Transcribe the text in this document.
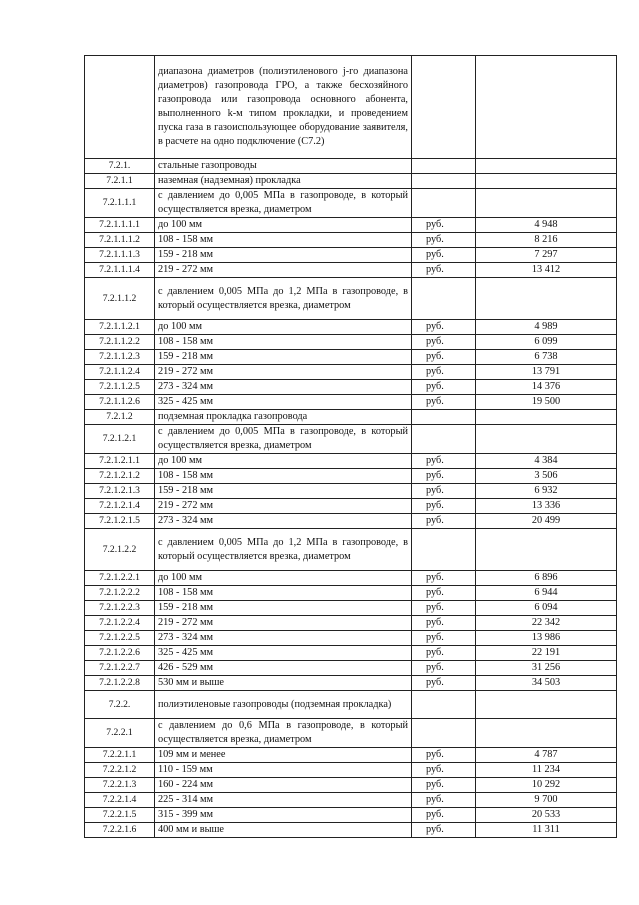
	диапазона диаметров (полиэтиленового j-го диапазона диаметров) газопровода ГРО, а также бесхозяйного газопровода или газопровода основного абонента, выполненного k-м типом прокладки, и проведением пуска газа в газоиспользующее оборудование заявителя, в расчете на одно подключение (С7.2)		
7.2.1.	стальные газопроводы		
7.2.1.1	наземная (надземная) прокладка		
7.2.1.1.1	с давлением до 0,005 МПа в газопроводе, в который осуществляется врезка, диаметром		
7.2.1.1.1.1	до 100 мм	руб.	4 948
7.2.1.1.1.2	108 - 158 мм	руб.	8 216
7.2.1.1.1.3	159 - 218 мм	руб.	7 297
7.2.1.1.1.4	219 - 272 мм	руб.	13 412
7.2.1.1.2	с давлением 0,005 МПа до 1,2 МПа в газопроводе, в который осуществляется врезка, диаметром		
7.2.1.1.2.1	до 100 мм	руб.	4 989
7.2.1.1.2.2	108 - 158 мм	руб.	6 099
7.2.1.1.2.3	159 - 218 мм	руб.	6 738
7.2.1.1.2.4	219 - 272 мм	руб.	13 791
7.2.1.1.2.5	273 - 324 мм	руб.	14 376
7.2.1.1.2.6	325 - 425 мм	руб.	19 500
7.2.1.2	подземная прокладка газопровода		
7.2.1.2.1	с давлением до 0,005 МПа в газопроводе, в который осуществляется врезка, диаметром		
7.2.1.2.1.1	до 100 мм	руб.	4 384
7.2.1.2.1.2	108 - 158 мм	руб.	3 506
7.2.1.2.1.3	159 - 218 мм	руб.	6 932
7.2.1.2.1.4	219 - 272 мм	руб.	13 336
7.2.1.2.1.5	273 - 324 мм	руб.	20 499
7.2.1.2.2	с давлением 0,005 МПа до 1,2 МПа в газопроводе, в который осуществляется врезка, диаметром		
7.2.1.2.2.1	до 100 мм	руб.	6 896
7.2.1.2.2.2	108 - 158 мм	руб.	6 944
7.2.1.2.2.3	159 - 218 мм	руб.	6 094
7.2.1.2.2.4	219 - 272 мм	руб.	22 342
7.2.1.2.2.5	273 - 324 мм	руб.	13 986
7.2.1.2.2.6	325 - 425 мм	руб.	22 191
7.2.1.2.2.7	426 - 529 мм	руб.	31 256
7.2.1.2.2.8	530 мм и выше	руб.	34 503
7.2.2.	полиэтиленовые газопроводы (подземная прокладка)		
7.2.2.1	с давлением до 0,6 МПа в газопроводе, в который осуществляется врезка, диаметром		
7.2.2.1.1	109 мм и менее	руб.	4 787
7.2.2.1.2	110 - 159 мм	руб.	11 234
7.2.2.1.3	160 - 224 мм	руб.	10 292
7.2.2.1.4	225 - 314 мм	руб.	9 700
7.2.2.1.5	315 - 399 мм	руб.	20 533
7.2.2.1.6	400 мм и выше	руб.	11 311
